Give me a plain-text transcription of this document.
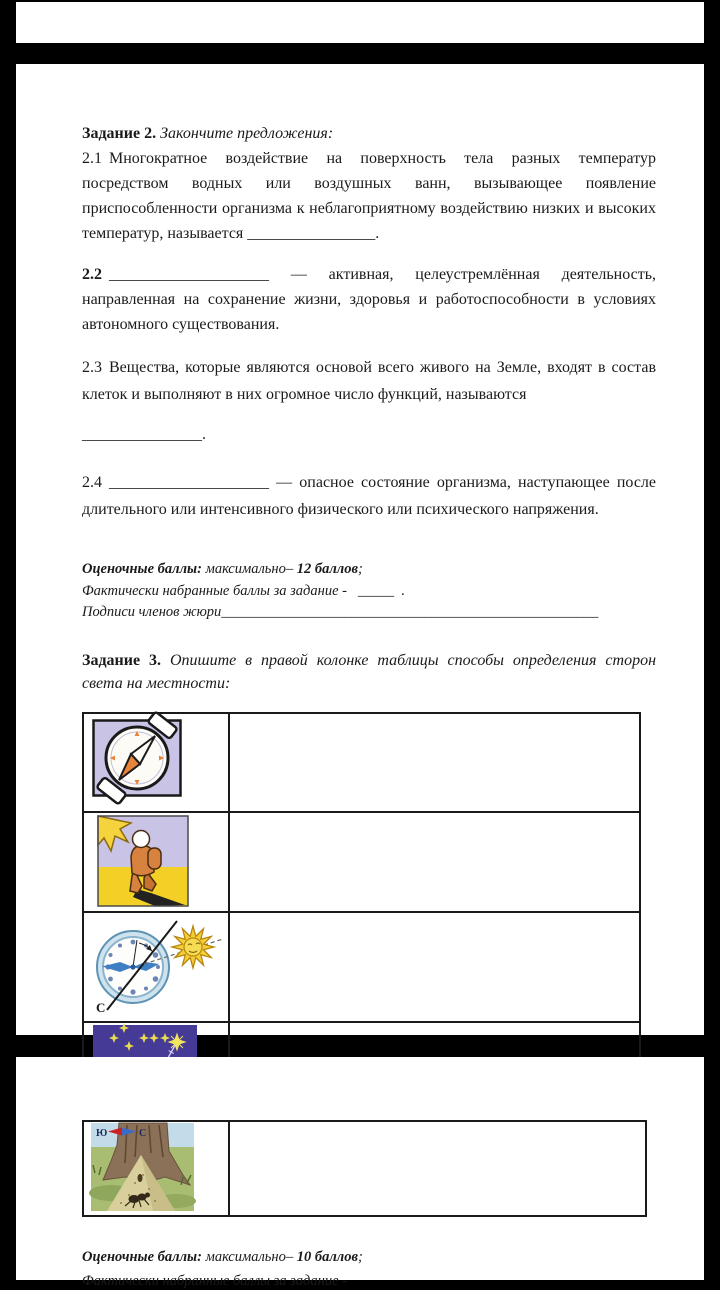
Задание 2. Закончите предложения:

2.1 Многократное воздействие на поверхность тела разных температур посредством водных или воздушных ванн, вызывающее появление приспособленности организма к неблагоприятному воздействию низких и высоких температур, называется ________________.

2.2 ____________________ — активная, целеустремлённая деятельность, направленная на сохранение жизни, здоровья и работоспособности в условиях автономного существования.

2.3 Вещества, которые являются основой всего живого на Земле, входят в состав клеток и выполняют в них огромное число функций, называются

_______________.

2.4 ____________________ — опасное состояние организма, наступающее после длительного или интенсивного физического или психического напряжения.

Оценочные баллы: максимально– 12 баллов;
Фактически набранные баллы за задание - _____ .
Подписи членов жюри____________________________________________________
Задание 3. Опишите в правой колонке таблицы способы определения сторон света на местности:

С	

Ю	С

Оценочные баллы: максимально– 10 баллов;
Фактически набранные баллы за задание -
